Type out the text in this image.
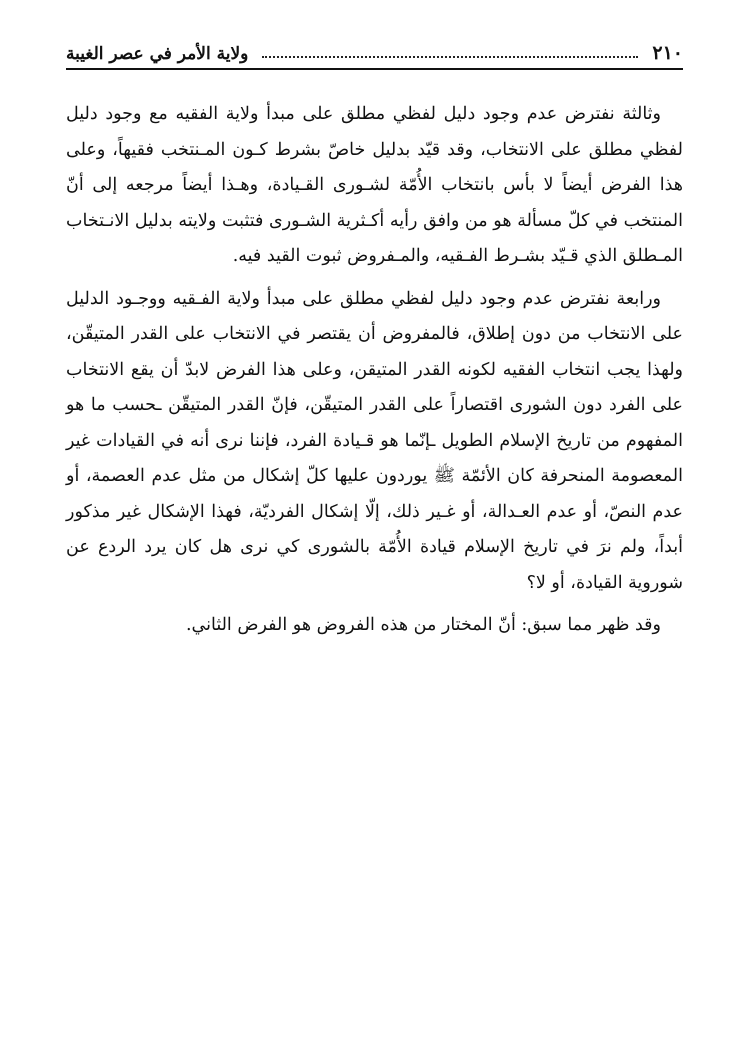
٢١٠
ولاية الأمر في عصر الغيبة

وثالثة نفترض عدم وجود دليل لفظي مطلق على مبدأ ولاية الفقيه مع وجود دليل لفظي مطلق على الانتخاب، وقد قيّد بدليل خاصّ بشرط كـون المـنتخب فقيهاً، وعلى هذا الفرض أيضاً لا بأس بانتخاب الأُمّة لشـورى القـيادة، وهـذا أيضاً مرجعه إلى أنّ المنتخب في كلّ مسألة هو من وافق رأيه أكـثرية الشـورى فتثبت ولايته بدليل الانـتخاب المـطلق الذي قـيّد بشـرط الفـقيه، والمـفروض ثبوت القيد فيه.

ورابعة نفترض عدم وجود دليل لفظي مطلق على مبدأ ولاية الفـقيه ووجـود الدليل على الانتخاب من دون إطلاق، فالمفروض أن يقتصر في الانتخاب على القدر المتيقّن، ولهذا يجب انتخاب الفقيه لكونه القدر المتيقن، وعلى هذا الفرض لابدّ أن يقع الانتخاب على الفرد دون الشورى اقتصاراً على القدر المتيقّن، فإنّ القدر المتيقّن ـحسب ما هو المفهوم من تاريخ الإسلام الطويل ـإنّما هو قـيادة الفرد، فإننا نرى أنه في القيادات غير المعصومة المنحرفة كان الأئمّة ﷺ يوردون عليها كلّ إشكال من مثل عدم العصمة، أو عدم النصّ، أو عدم العـدالة، أو غـير ذلك، إلّا إشكال الفرديّة، فهذا الإشكال غير مذكور أبداً، ولم نرَ في تاريخ الإسلام قيادة الأُمّة بالشورى كي نرى هل كان يرد الردع عن شوروية القيادة، أو لا؟

وقد ظهر مما سبق: أنّ المختار من هذه الفروض هو الفرض الثاني.
